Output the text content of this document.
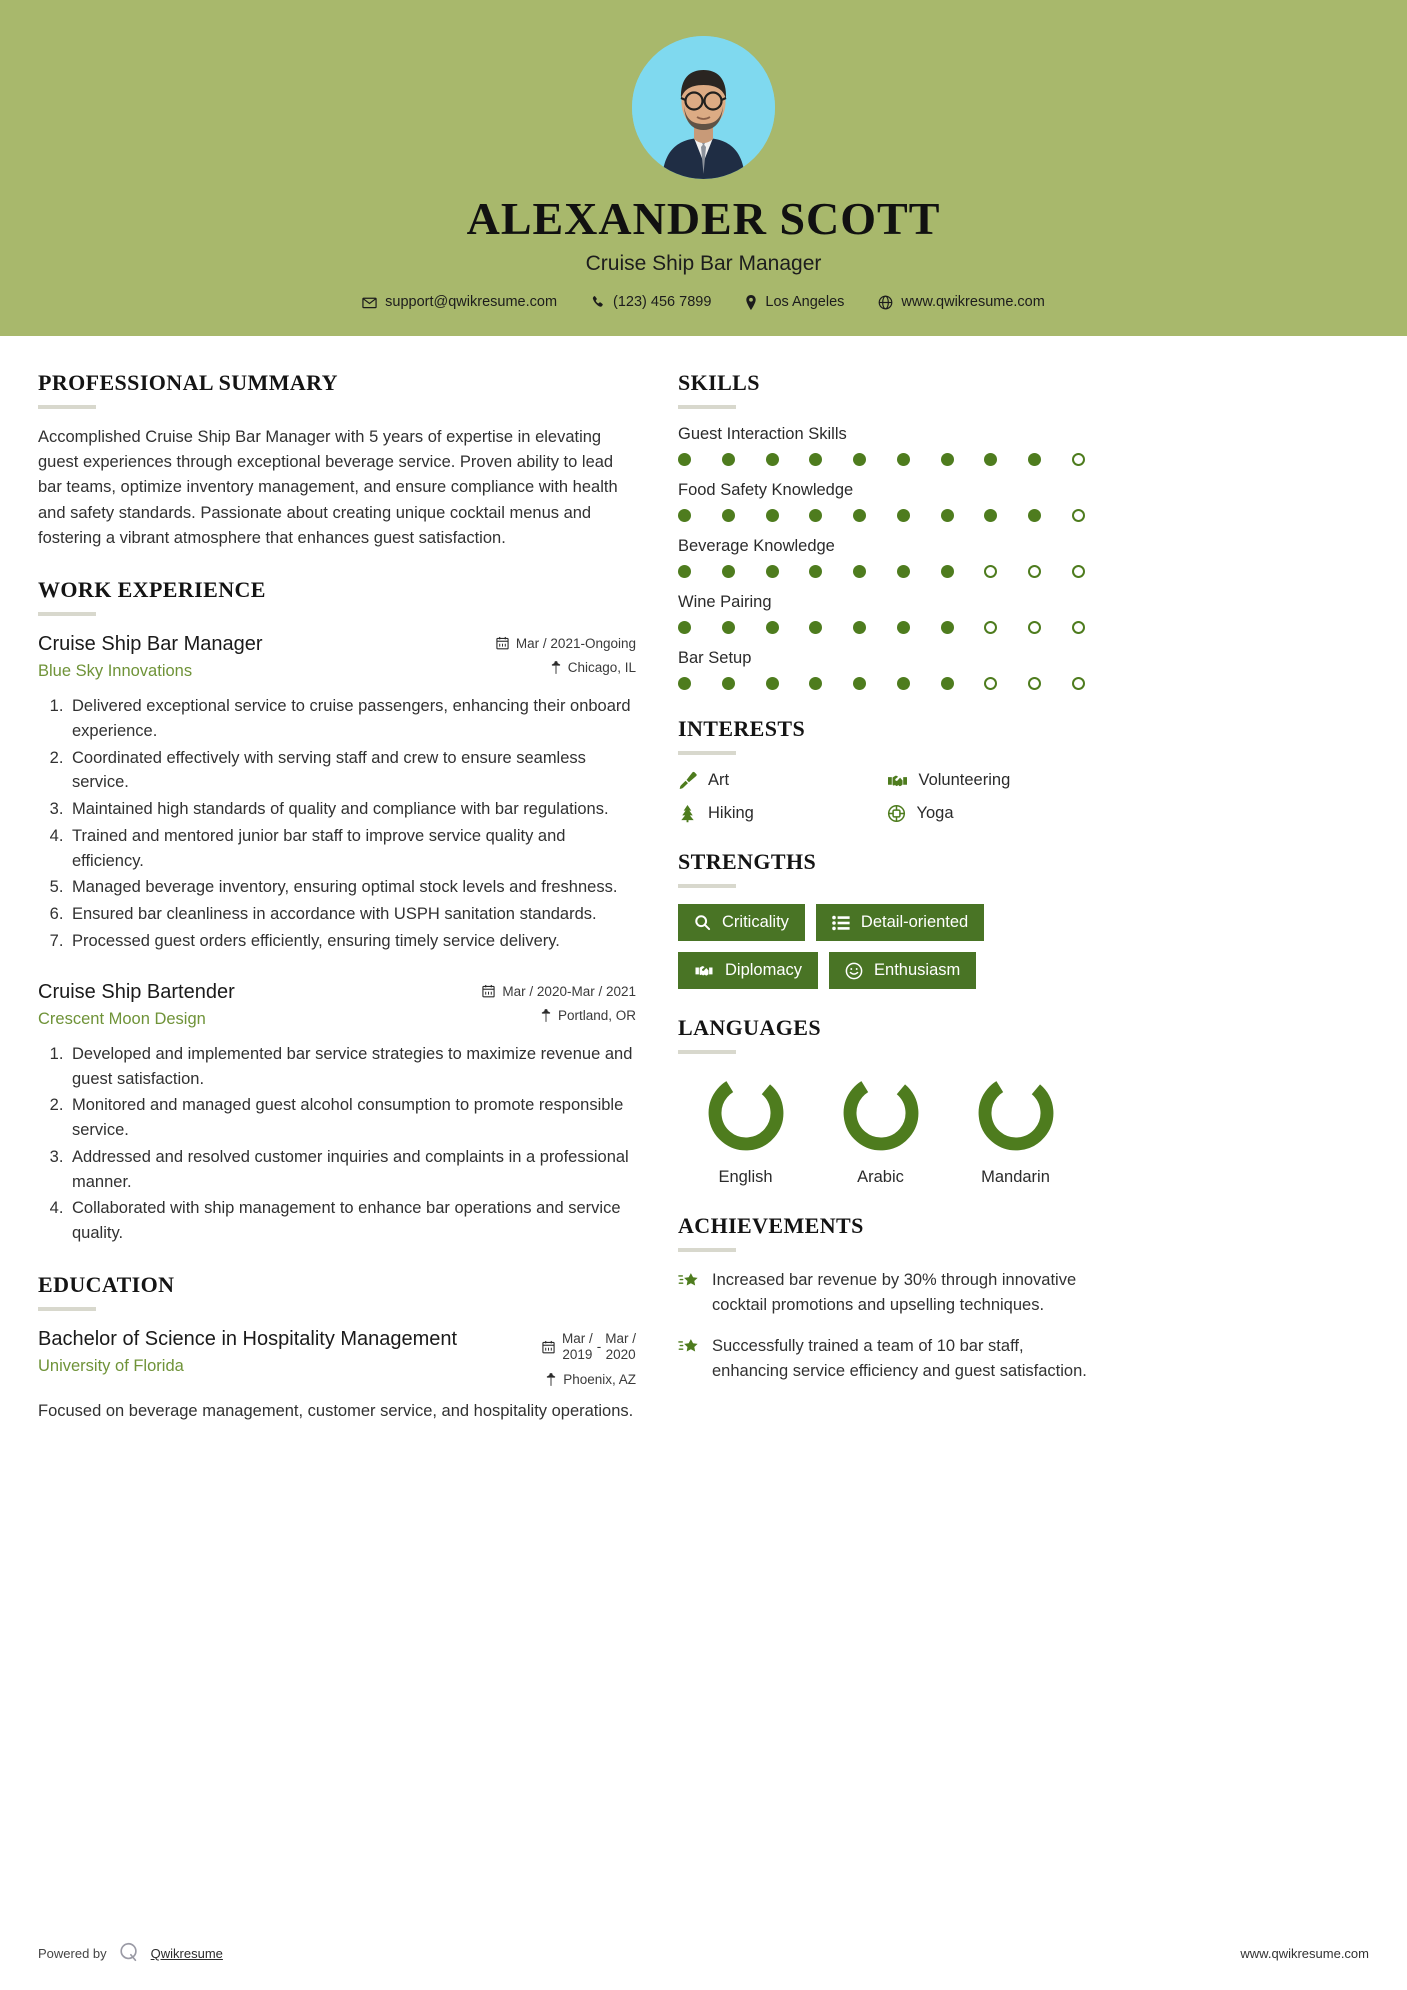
ALEXANDER SCOTT
Cruise Ship Bar Manager
support@qwikresume.com	(123) 456 7899	Los Angeles	www.qwikresume.com
PROFESSIONAL SUMMARY

Accomplished Cruise Ship Bar Manager with 5 years of expertise in elevating guest experiences through exceptional beverage service. Proven ability to lead bar teams, optimize inventory management, and ensure compliance with health and safety standards. Passionate about creating unique cocktail menus and fostering a vibrant atmosphere that enhances guest satisfaction.

WORK EXPERIENCE
Cruise Ship Bar Manager
Blue Sky Innovations
Mar / 2021-Ongoing
Chicago, IL
1. Delivered exceptional service to cruise passengers, enhancing their onboard experience.
2. Coordinated effectively with serving staff and crew to ensure seamless service.
3. Maintained high standards of quality and compliance with bar regulations.
4. Trained and mentored junior bar staff to improve service quality and efficiency.
5. Managed beverage inventory, ensuring optimal stock levels and freshness.
6. Ensured bar cleanliness in accordance with USPH sanitation standards.
7. Processed guest orders efficiently, ensuring timely service delivery.
Cruise Ship Bartender
Crescent Moon Design
Mar / 2020-Mar / 2021
Portland, OR
1. Developed and implemented bar service strategies to maximize revenue and guest satisfaction.
2. Monitored and managed guest alcohol consumption to promote responsible service.
3. Addressed and resolved customer inquiries and complaints in a professional manner.
4. Collaborated with ship management to enhance bar operations and service quality.
EDUCATION
Bachelor of Science in Hospitality Management
University of Florida
Mar /
2019
-
Mar /
2020
Phoenix, AZ

Focused on beverage management, customer service, and hospitality operations.

SKILLS
Guest Interaction Skills
Food Safety Knowledge
Beverage Knowledge
Wine Pairing
Bar Setup
INTERESTS
Art	Volunteering
Hiking	Yoga
STRENGTHS
Criticality	Detail-oriented
Diplomacy	Enthusiasm
LANGUAGES
English	Arabic	Mandarin
ACHIEVEMENTS
Increased bar revenue by 30% through innovative cocktail promotions and upselling techniques.
Successfully trained a team of 10 bar staff, enhancing service efficiency and guest satisfaction.
Powered by	Qwikresume	www.qwikresume.com
